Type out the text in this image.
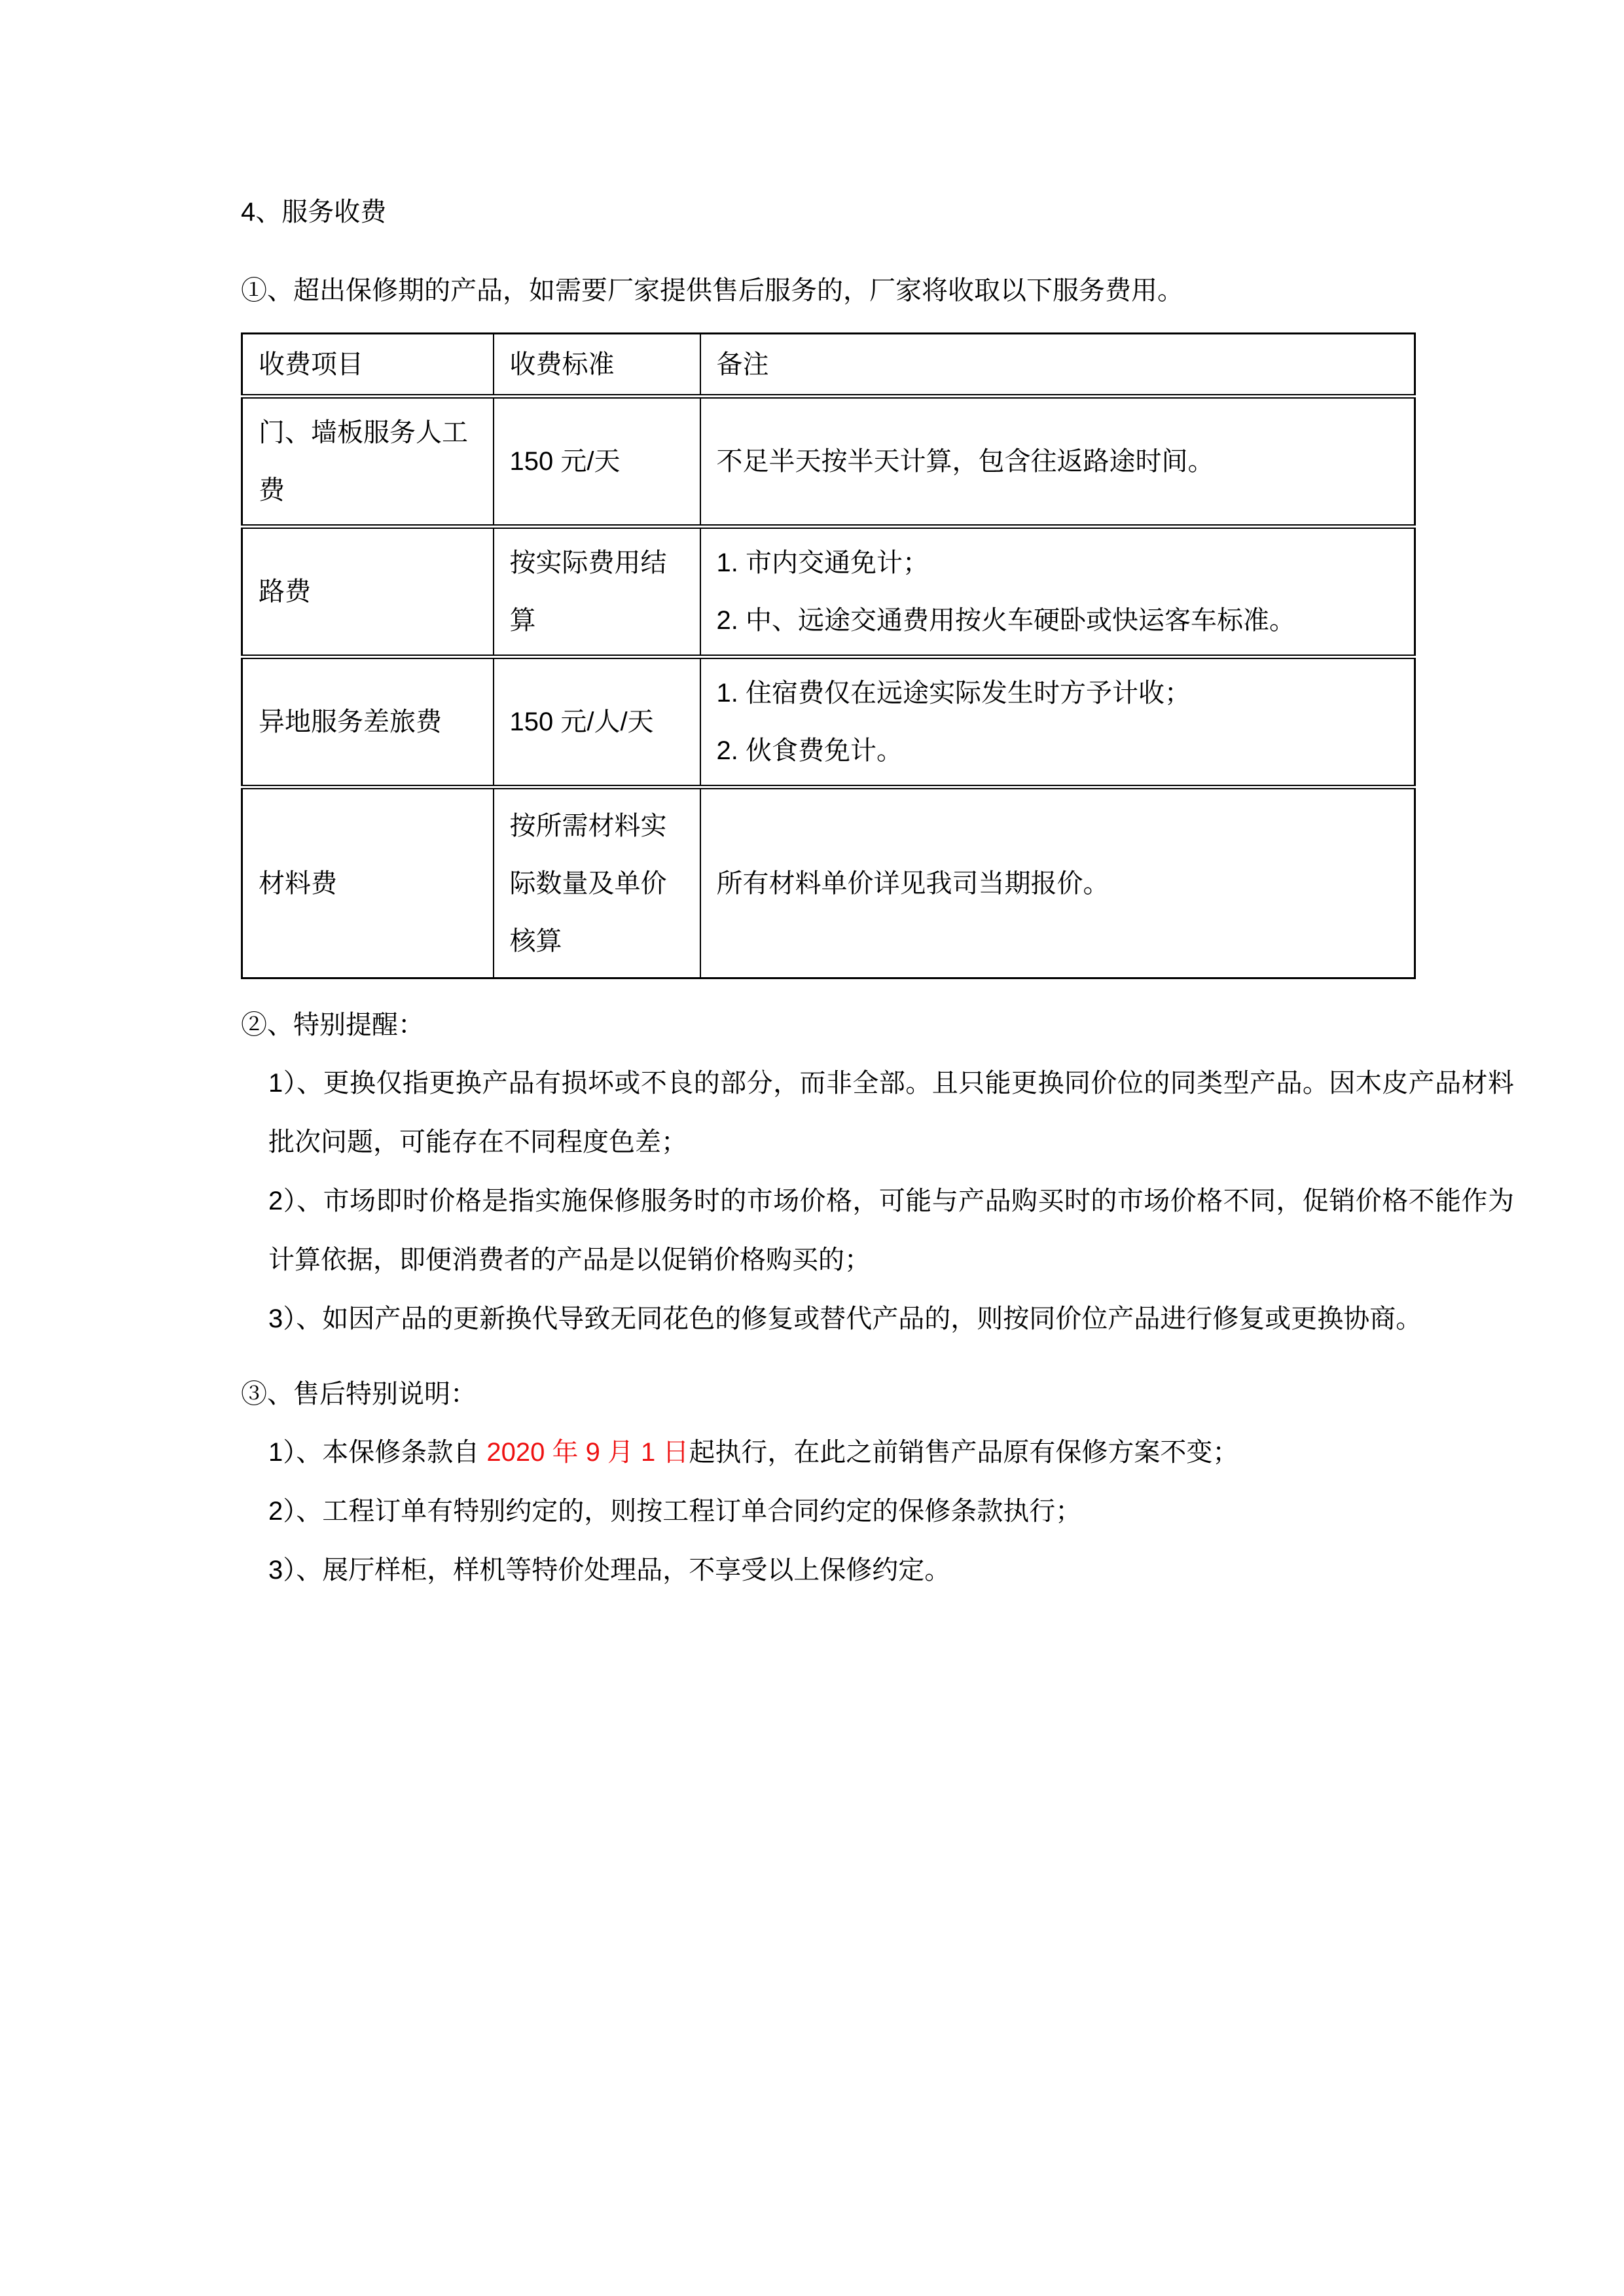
4、服务收费

①、超出保修期的产品，如需要厂家提供售后服务的，厂家将收取以下服务费用。

收费项目	收费标准	备注
门、墙板服务人工费	150 元/天	不足半天按半天计算，包含往返路途时间。

路费	按实际费用结算	1. 市内交通免计；
2. 中、远途交通费用按火车硬卧或快运客车标准。

异地服务差旅费	150 元/人/天	1. 住宿费仅在远途实际发生时方予计收；
2. 伙食费免计。

材料费	按所需材料实际数量及单价核算	所有材料单价详见我司当期报价。

②、特别提醒：

1）、更换仅指更换产品有损坏或不良的部分，而非全部。且只能更换同价位的同类型产品。因木皮产品材料批次问题，可能存在不同程度色差；

2）、市场即时价格是指实施保修服务时的市场价格，可能与产品购买时的市场价格不同，促销价格不能作为计算依据，即便消费者的产品是以促销价格购买的；

3）、如因产品的更新换代导致无同花色的修复或替代产品的，则按同价位产品进行修复或更换协商。

③、售后特别说明：

1）、本保修条款自 2020 年 9 月 1 日起执行，在此之前销售产品原有保修方案不变；

2）、工程订单有特别约定的，则按工程订单合同约定的保修条款执行；

3）、展厅样柜，样机等特价处理品，不享受以上保修约定。
